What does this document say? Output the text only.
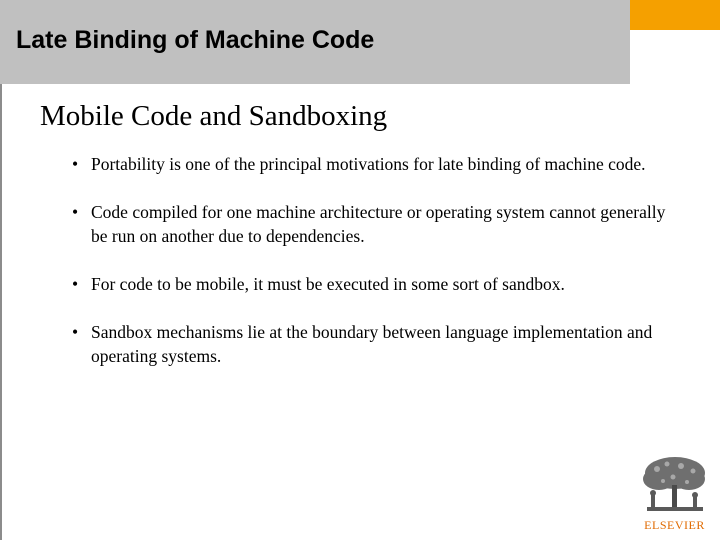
Late Binding of Machine Code
Mobile Code and Sandboxing
• Portability is one of the principal motivations for late binding of machine code.
• Code compiled for one machine architecture or operating system cannot generally be run on another due to dependencies.
• For code to be mobile, it must be executed in some sort of sandbox.
• Sandbox mechanisms lie at the boundary between language implementation and operating systems.
ELSEVIER
